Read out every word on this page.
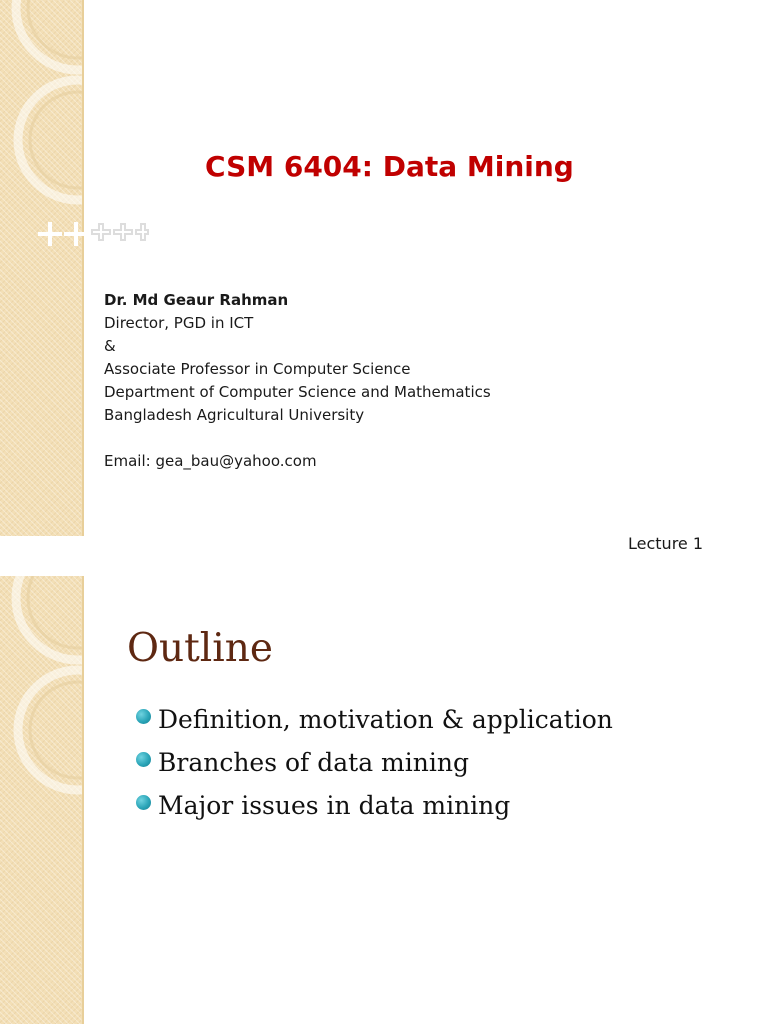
CSM 6404: Data Mining
Dr. Md Geaur Rahman
Director, PGD in ICT
&
Associate Professor in Computer Science
Department of Computer Science and Mathematics
Bangladesh Agricultural University
Email: gea_bau@yahoo.com
Lecture 1
Outline
Definition, motivation & application
Branches of data mining
Major issues in data mining
